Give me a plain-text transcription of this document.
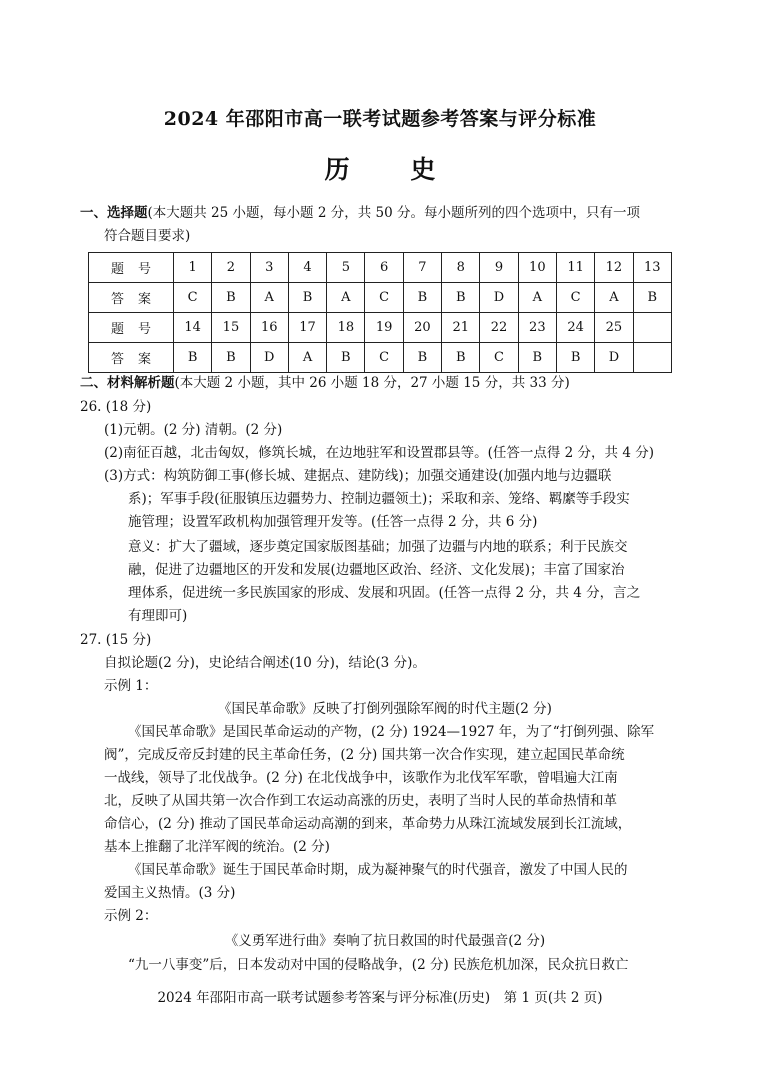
2024 年邵阳市高一联考试题参考答案与评分标准
历 史
一、选择题(本大题共 25 小题，每小题 2 分，共 50 分。每小题所列的四个选项中，只有一项
符合题目要求)
题号	1	2	3	4	5	6	7	8	9	10	11	12	13
答案	C	B	A	B	A	C	B	B	D	A	C	A	B
题号	14	15	16	17	18	19	20	21	22	23	24	25	
答案	B	B	D	A	B	C	B	B	C	B	B	D	
二、材料解析题(本大题 2 小题，其中 26 小题 18 分，27 小题 15 分，共 33 分)
26. (18 分)
(1)元朝。(2 分) 清朝。(2 分)
(2)南征百越，北击匈奴，修筑长城，在边地驻军和设置郡县等。(任答一点得 2 分，共 4 分)
(3)方式：构筑防御工事(修长城、建据点、建防线)；加强交通建设(加强内地与边疆联
系)；军事手段(征服镇压边疆势力、控制边疆领土)；采取和亲、笼络、羁縻等手段实
施管理；设置军政机构加强管理开发等。(任答一点得 2 分，共 6 分)
意义：扩大了疆域，逐步奠定国家版图基础；加强了边疆与内地的联系；利于民族交
融，促进了边疆地区的开发和发展(边疆地区政治、经济、文化发展)；丰富了国家治
理体系，促进统一多民族国家的形成、发展和巩固。(任答一点得 2 分，共 4 分，言之
有理即可)
27. (15 分)
自拟论题(2 分)，史论结合阐述(10 分)，结论(3 分)。
示例 1：
《国民革命歌》反映了打倒列强除军阀的时代主题(2 分)
《国民革命歌》是国民革命运动的产物，(2 分) 1924—1927 年，为了“打倒列强、除军
阀”，完成反帝反封建的民主革命任务，(2 分) 国共第一次合作实现，建立起国民革命统
一战线，领导了北伐战争。(2 分) 在北伐战争中，该歌作为北伐军军歌，曾唱遍大江南
北，反映了从国共第一次合作到工农运动高涨的历史，表明了当时人民的革命热情和革
命信心，(2 分) 推动了国民革命运动高潮的到来，革命势力从珠江流域发展到长江流域，
基本上推翻了北洋军阀的统治。(2 分)
《国民革命歌》诞生于国民革命时期，成为凝神聚气的时代强音，激发了中国人民的
爱国主义热情。(3 分)
示例 2：
《义勇军进行曲》奏响了抗日救国的时代最强音(2 分)
“九一八事变”后，日本发动对中国的侵略战争，(2 分) 民族危机加深，民众抗日救亡
2024 年邵阳市高一联考试题参考答案与评分标准(历史)　第 1 页(共 2 页)
